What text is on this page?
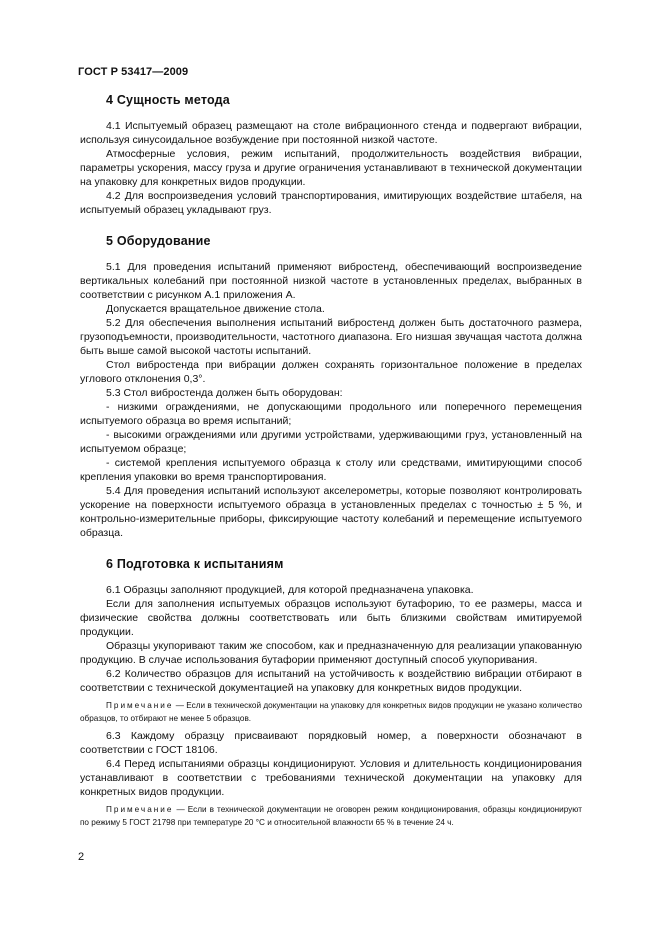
ГОСТ Р 53417—2009
4 Сущность метода

4.1 Испытуемый образец размещают на столе вибрационного стенда и подвергают вибрации, используя синусоидальное возбуждение при постоянной низкой частоте.

Атмосферные условия, режим испытаний, продолжительность воздействия вибрации, параметры ускорения, массу груза и другие ограничения устанавливают в технической документации на упаковку для конкретных видов продукции.

4.2 Для воспроизведения условий транспортирования, имитирующих воздействие штабеля, на испытуемый образец укладывают груз.

5 Оборудование

5.1 Для проведения испытаний применяют вибростенд, обеспечивающий воспроизведение вертикальных колебаний при постоянной низкой частоте в установленных пределах, выбранных в соответствии с рисунком А.1 приложения А.

Допускается вращательное движение стола.

5.2 Для обеспечения выполнения испытаний вибростенд должен быть достаточного размера, грузоподъемности, производительности, частотного диапазона. Его низшая звучащая частота должна быть выше самой высокой частоты испытаний.

Стол вибростенда при вибрации должен сохранять горизонтальное положение в пределах углового отклонения 0,3°.

5.3 Стол вибростенда должен быть оборудован:

- низкими ограждениями, не допускающими продольного или поперечного перемещения испытуемого образца во время испытаний;

- высокими ограждениями или другими устройствами, удерживающими груз, установленный на испытуемом образце;

- системой крепления испытуемого образца к столу или средствами, имитирующими способ крепления упаковки во время транспортирования.

5.4 Для проведения испытаний используют акселерометры, которые позволяют контролировать ускорение на поверхности испытуемого образца в установленных пределах с точностью ± 5 %, и контрольно-измерительные приборы, фиксирующие частоту колебаний и перемещение испытуемого образца.

6 Подготовка к испытаниям

6.1 Образцы заполняют продукцией, для которой предназначена упаковка.

Если для заполнения испытуемых образцов используют бутафорию, то ее размеры, масса и физические свойства должны соответствовать или быть близкими свойствам имитируемой продукции.

Образцы укупоривают таким же способом, как и предназначенную для реализации упакованную продукцию. В случае использования бутафории применяют доступный способ укупоривания.

6.2 Количество образцов для испытаний на устойчивость к воздействию вибрации отбирают в соответствии с технической документацией на упаковку для конкретных видов продукции.

Примечание — Если в технической документации на упаковку для конкретных видов продукции не указано количество образцов, то отбирают не менее 5 образцов.

6.3 Каждому образцу присваивают порядковый номер, а поверхности обозначают в соответствии с ГОСТ 18106.

6.4 Перед испытаниями образцы кондиционируют. Условия и длительность кондиционирования устанавливают в соответствии с требованиями технической документации на упаковку для конкретных видов продукции.

Примечание — Если в технической документации не оговорен режим кондиционирования, образцы кондиционируют по режиму 5 ГОСТ 21798 при температуре 20 °С и относительной влажности 65 % в течение 24 ч.

2
